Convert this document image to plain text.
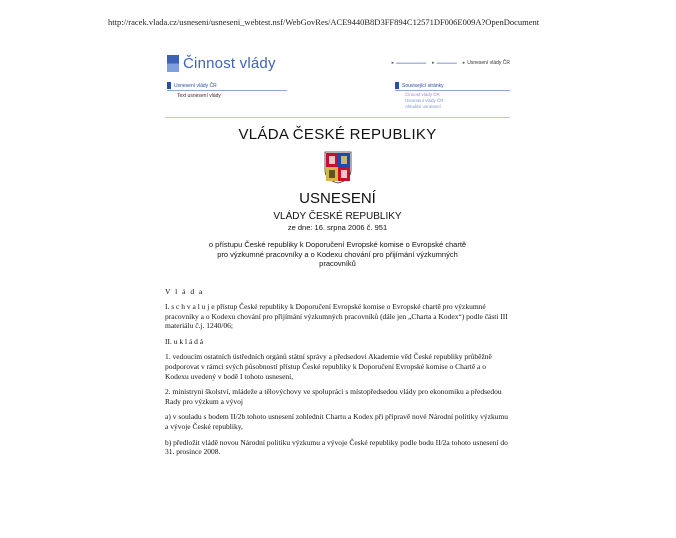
http://racek.vlada.cz/usneseni/usneseni_webtest.nsf/WebGovRes/ACE9440B8D3FF894C12571DF006E009A?OpenDocument
Činnost vlády	▸ ▬▬▬▬▬▬ ▸ ▬▬▬▬ ▸ Usnesení vlády ČR
Usnesení vlády ČR
Text usnesení vlády
Související stránky
Činnost vlády ČR
Usnesení vlády ČR
Aktuální usnesení
VLÁDA ČESKÉ REPUBLIKY
USNESENÍ
VLÁDY ČESKÉ REPUBLIKY
ze dne: 16. srpna 2006 č. 951
o přístupu České republiky k Doporučení Evropské komise o Evropské chartě pro výzkumné pracovníky a o Kodexu chování pro přijímání výzkumných pracovníků

V l á d a

I. s c h v a l u j e přístup České republiky k Doporučení Evropské komise o Evropské chartě pro výzkumné pracovníky a o Kodexu chování pro přijímání výzkumných pracovníků (dále jen „Charta a Kodex“) podle části III materiálu č.j. 1240/06;

II. u k l á d á

1. vedoucím ostatních ústředních orgánů státní správy a předsedovi Akademie věd České republiky průběžně podporovat v rámci svých působností přístup České republiky k Doporučení Evropské komise o Chartě a o Kodexu uvedený v bodě I tohoto usnesení,

2. ministryni školství, mládeže a tělovýchovy ve spolupráci s místopředsedou vlády pro ekonomiku a předsedou Rady pro výzkum a vývoj

a) v souladu s bodem II/2b tohoto usnesení zohlednit Chartu a Kodex při přípravě nové Národní politiky výzkumu a vývoje České republiky,

b) předložit vládě novou Národní politiku výzkumu a vývoje České republiky podle bodu II/2a tohoto usnesení do 31. prosince 2008.
